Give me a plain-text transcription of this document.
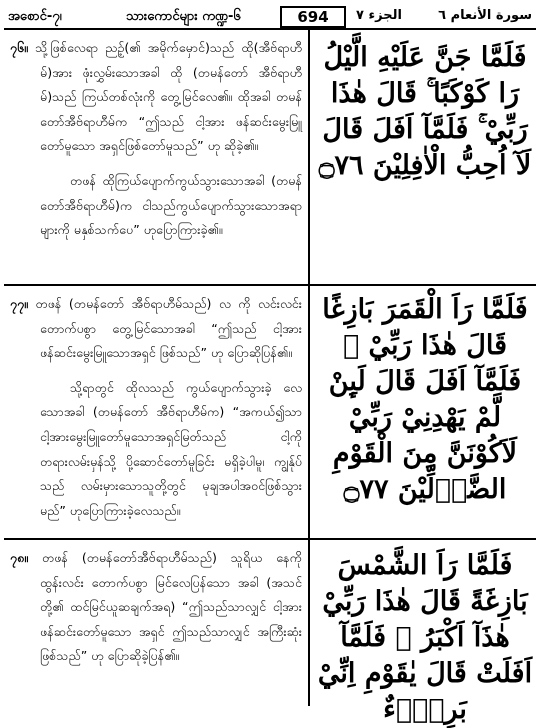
အစောင်-၇၊	သားကောင်များ ကဏ္ဍ-၆	694	الجزء ٧	سورة الأنعام ٦
၇၆။ သို့ဖြစ်လေရာ ညဉ့်(၏ အမိုက်မှောင်)သည် ထို(အီဗ်ရာဟီမ်)အား ဖုံးလွှမ်းသောအခါ ထို (တမန်တော် အီဗ်ရာဟီမ်)သည် ကြယ်တစ်လုံးကို တွေ့မြင်လေ၏။ ထိုအခါ တမန်တော်အီဗ်ရာဟီမ်က “ဤသည် ငါ့အား ဖန်ဆင်းမွေးမြူတော်မူသော အရှင်ဖြစ်တော်မူသည်” ဟု ဆိုခဲ့၏။
တဖန် ထိုကြယ်ပျောက်ကွယ်သွားသောအခါ (တမန်တော်အီဗ်ရာဟီမ်)က ငါသည်ကွယ်ပျောက်သွားသောအရာများကို မနှစ်သက်ပေ” ဟုပြောကြားခဲ့၏။
فَلَمَّا جَنَّ عَلَيْهِ الَّيْلُ رَا كَوْكَبًا ۚ قَالَ هٰذَا رَبِّيْ ۚ فَلَمَّآ اَفَلَ قَالَ لَآ اُحِبُّ الْاٰفِلِيْنَ ۝٧٦
၇၇။ တဖန် (တမန်တော် အီဗ်ရာဟီမ်သည်) လ ကို လင်းလင်းတောက်ပစွာ တွေ့မြင်သောအခါ “ဤသည် ငါ့အား ဖန်ဆင်းမွေးမြူသောအရှင် ဖြစ်သည်” ဟု ပြောဆိုပြန်၏။
သို့ရာတွင် ထိုလသည် ကွယ်ပျောက်သွားခဲ့ လေသောအခါ (တမန်တော် အီဗ်ရာဟီမ်က) “အကယ်၍သာ ငါ့အားမွေးမြူတော်မူသောအရှင်မြတ်သည် ငါ့ကို တရားလမ်းမှန်သို့ ပို့ဆောင်တော်မူခြင်း မရှိခဲ့ပါမူ၊ ကျွန်ုပ်သည် လမ်းမှားသောသူတို့တွင် မုချအပါအဝင်ဖြစ်သွားမည်” ဟုပြောကြားခဲ့လေသည်။
فَلَمَّا رَاَ الْقَمَرَ بَازِغًا قَالَ هٰذَا رَبِّيْ ۚ فَلَمَّآ اَفَلَ قَالَ لَىِٕنْ لَّمْ يَهْدِنِيْ رَبِّيْ لَاَكُوْنَنَّ مِنَ الْقَوْمِ الضَّاۤلِّيْنَ ۝٧٧
၇၈။ တဖန် (တမန်တော်အီဗ်ရာဟီမ်သည်) သူရိယ နေကို ထွန်းလင်း တောက်ပစွာ မြင်လေပြန်သော အခါ (အသင်တို့၏ ထင်မြင်ယူဆချက်အရ) “ဤသည်သာလျှင် ငါ့အား ဖန်ဆင်းတော်မူသော အရှင် ဤသည်သာလျှင် အကြီးဆုံးဖြစ်သည်” ဟု ပြောဆိုခဲ့ပြန်၏။
فَلَمَّا رَاَ الشَّمْسَ بَازِغَةً قَالَ هٰذَا رَبِّيْ هٰذَآ اَكْبَرُ ۚ فَلَمَّآ اَفَلَتْ قَالَ يٰقَوْمِ اِنِّيْ بَرِيْۤءٌ
